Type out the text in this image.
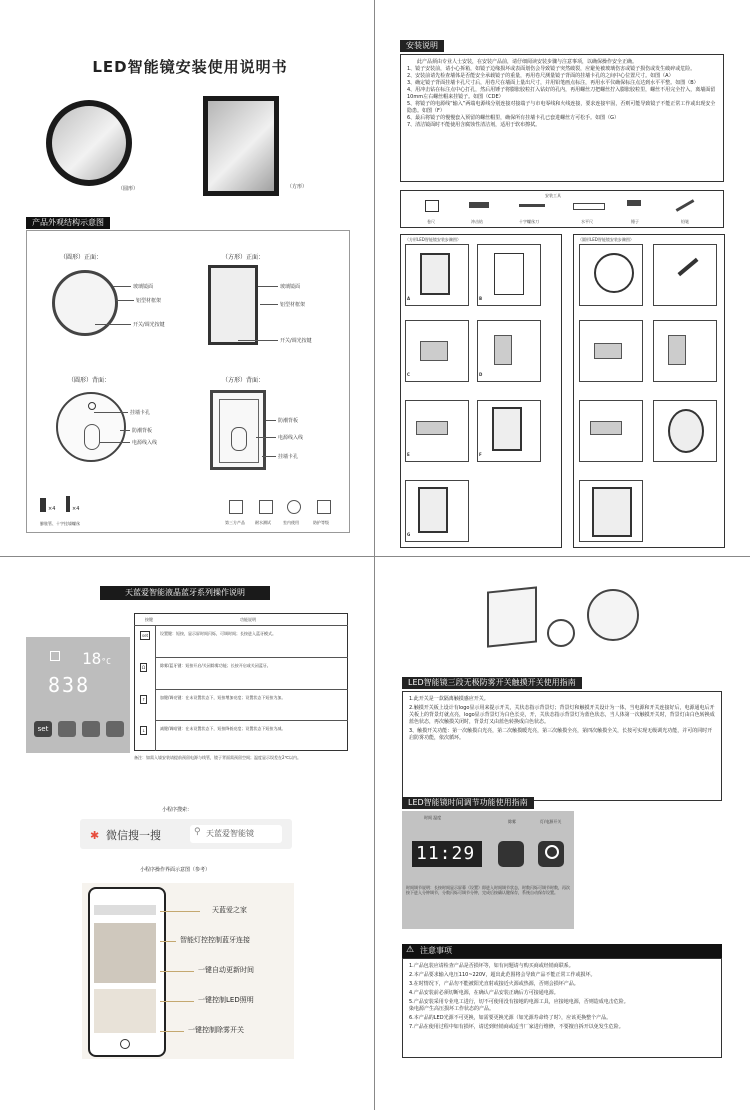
LED智能镜安装使用说明书
（圆形）	（方形）
产品外观结构示意图
（圆形）正面：
玻璃镜面
铝型材框架
开关/调光按键
（方形）正面：
玻璃镜面
铝型材框架
开关/调光按键
（圆形）背面：
挂墙卡孔
防潮背板
电源线入线
（方形）背面：
防潮背板
电源线入线
挂墙卡孔
×4	×4
膨胀管、十字挂墙螺丝	第三方产品	耐水测试	室内使用	防护等级
安装说明
此产品须由专业人士安装，在安装产品前，请仔细阅读安装步骤与注意事项，以确保操作安全正确。
1、镜子安装前，请小心拆箱，如镜子边缘损坏或表面划伤会导致镜子突然破裂，应避免被玻璃伤害或镜子损伤或发生破碎或危险。
2、安装前请先检查墙体是否能安全承载镜子的重量，再用卷尺测量镜子背面的挂墙卡孔的之间中心位置尺寸。如图（A）
3、确定镜子背面挂墙卡孔尺寸后，用卷尺在墙面上量出尺寸，并用铅笔画点标注，再用水平仪确保标注点达到水平平整。如图（B）
4、用冲击钻在标注点中心打孔，然后用锤子将膨胀胶粒打入钻好的孔内，再用螺丝刀把螺丝拧入膨胀胶粒里，螺丝不用完全拧入，离墙面留10mm左右螺丝帽来挂镜子。如图（CDE）
5、将镜子的电源线“输入”两端电源线分别连接对接端子与市电零线和火线连接，要求连接牢固，否则可能导致镜子不能正常工作或出现安全隐患。如图（F）
6、最后将镜子的慢慢套入预留的螺丝帽里，确保所有挂墙卡孔已套进螺丝方可松手。如图（G）
7、清洁镜面时不能使用含腐蚀性清洁剂，适用于软布擦拭。
安装工具
卷尺	冲击钻	十字螺丝刀	水平尺	锤子	铅笔
（方形LED智能镜安装步骤图）	（圆形LED智能镜安装步骤图）
A	B
C	D
E	F
G
天蓝爱智能液晶蓝牙系列操作说明
18°C
838
set
按键	功能说明
set	设置键：短按，显示屏时间闪烁，可调时间；长按进入蓝牙模式。
Ω	除雾/蓝牙键：短按开启/关闭除雾功能；长按开启或关闭蓝牙。
↑	加键/调亮键：在未设置状态下，短按增加亮度；设置状态下短按为加。
↓	减键/调暗键：在未设置状态下，短按降低亮度；设置状态下短按为减。
备注：如需入墙安装请提前预留电源与线管，镜子背面需预留空间；温度显示误差在2℃以内。
小程序搜索：
✱ 微信搜一搜	⚲ 天蓝爱智能镜
小程序操作界面示意图（参考）
天蓝爱之家
智能灯控控制蓝牙连接
一键自动更新时间
一键控制LED照明
一键控制除雾开关
LED智能镜三段无极防雾开关触摸开关使用指南
1.此开关是一款隔离触摸感应开关。
2.触摸开关板上设计有logo显示用来提示开关，关状态指示背景灯；背景灯和触摸开关设计为一体，当电源和开关连接好后，电源通电后开关板上的背景灯就点亮，logo显示背景灯为白色长亮，开，关状态指示背景灯为蓝色状态，当人体第一次触摸开关时，背景灯由白色转换成蓝色状态，再次触摸关闭时，背景灯又由蓝色转换成白色状态。
3、触摸开关功能：第一次触摸白光亮，第二次触摸暖光亮，第三次触摸全亮，第四次触摸全关，长按可实现无级调光功能，并可的同时开启防雾功能，依次循环。
LED智能镜时间调节功能使用指南
时间 温度
除雾	灯/电源开关
11:29
时间调节说明：长按时间显示屏幕（设置）即进入时间调节状态，时数闪烁可调节时数，再次按下进入分钟调节，分数闪烁可调节分钟，完成后按确认键保存，系统自动保存设置。
⚠ 注意事项
1.产品包装应请检查产品是否损坏等，如有问题请与购买商或经销商联系。
2.本产品要求输入电压110~220V，超出此范围将会导致产品不能正常工作或损坏。
3.在时情况下，产品勿不能被阳光直射或接近火源或热源，否则会损坏产品。
4.产品安装前必须切断电源，在确认产品安装正确后方可接通电源。
5.产品安装采用专业电工进行，切不可使用没有接地的电源工具，应接地电源，否则造成电击危险。
染电源产生高压损坏工作状态的产品。
6.本产品的LED光源不可更换，如需要更换光源（如光源寿命终了时），应该更换整个产品。
7.产品在使用过程中如有损坏，请送到经销商或适当厂家进行维修，不要擅自拆开以免发生危险。
